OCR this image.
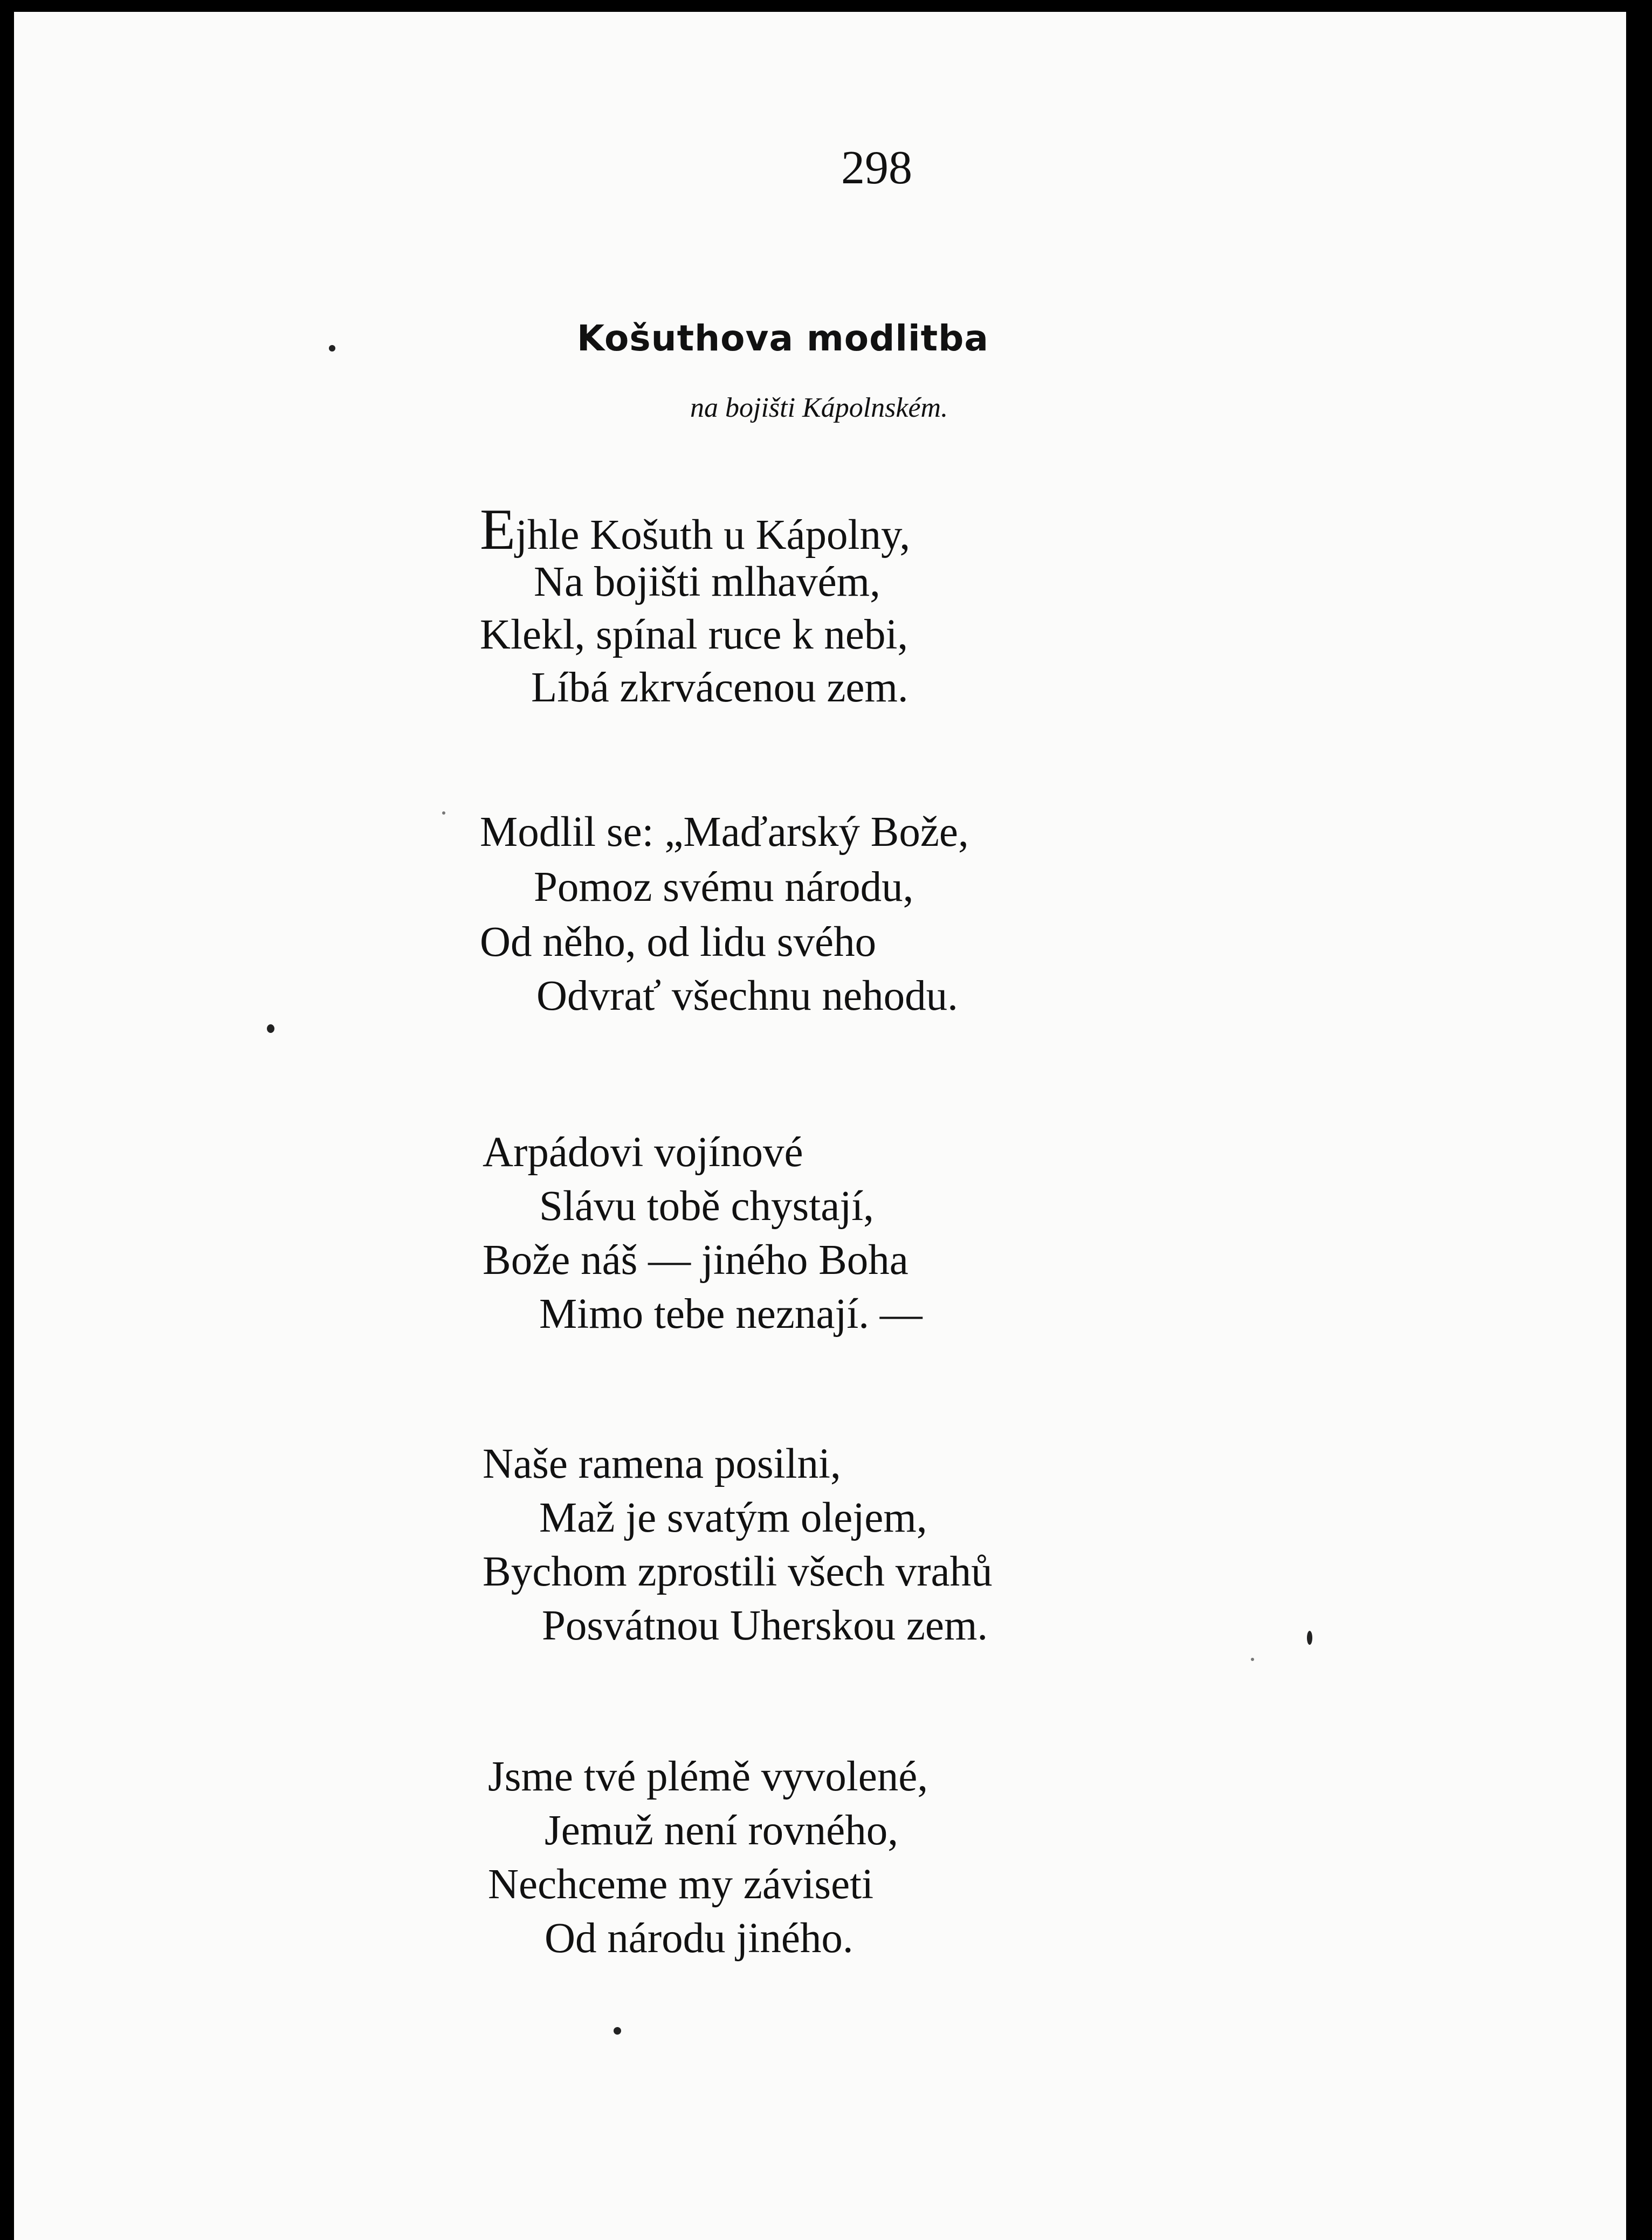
298
Košuthova modlitba
na bojišti Kápolnském.
Ejhle Košuth u Kápolny,
Na bojišti mlhavém,
Klekl, spínal ruce k nebi,
Líbá zkrvácenou zem.
Modlil se: „Maďarský Bože,
Pomoz svému národu,
Od něho, od lidu svého
Odvrať všechnu nehodu.
Arpádovi vojínové
Slávu tobě chystají,
Bože náš — jiného Boha
Mimo tebe neznají. —
Naše ramena posilni,
Maž je svatým olejem,
Bychom zprostili všech vrahů
Posvátnou Uherskou zem.
Jsme tvé plémě vyvolené,
Jemuž není rovného,
Nechceme my záviseti
Od národu jiného.
